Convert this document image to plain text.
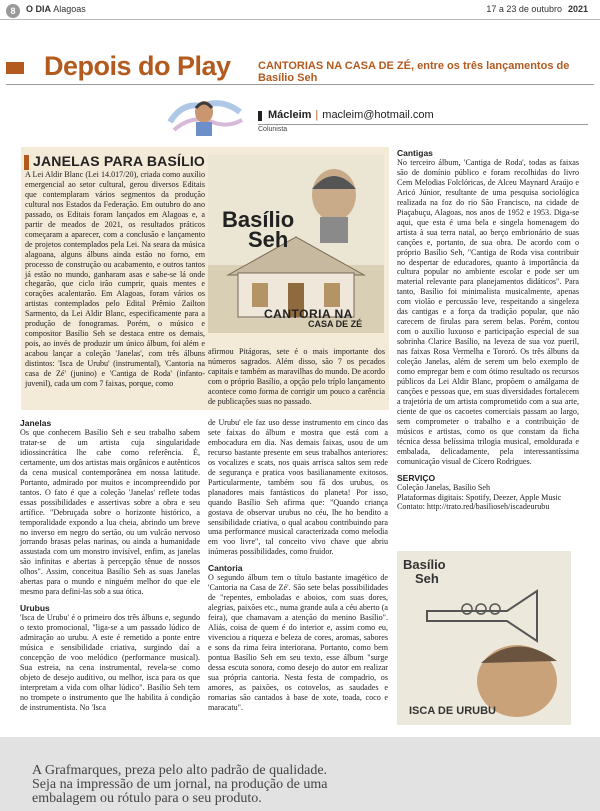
8	O DIA Alagoas	17 a 23 de outubro 2021
Depois do Play CANTORIAS NA CASA DE ZÉ, entre os três lançamentos de Basílio Seh
Mácleim | macleim@hotmail.com
Colunista
JANELAS PARA BASÍLIO

A Lei Aldir Blanc (Lei 14.017/20), criada como auxílio emergencial ao setor cultural, gerou diversos Editais que contemplaram vários segmentos da produção cultural nos Estados da Federação. Em outubro do ano passado, os Editais foram lançados em Alagoas e, a partir de meados de 2021, os resultados práticos começaram a aparecer, com a conclusão e lançamento de projetos contemplados pela Lei. Na seara da música alagoana, alguns álbuns ainda estão no forno, em processo de construção ou acabamento, e outros tantos já estão no mundo, ganharam asas e sabe-se lá onde chegarão, que ciclo irão cumprir, quais mentes e corações acalentarão. Em Alagoas, foram vários os artistas contemplados pelo Edital Prêmio Zailton Sarmento, da Lei Aldir Blanc, especificamente para a produção de fonogramas. Porém, o músico e compositor Basílio Seh se destaca entre os demais, pois, ao invés de produzir um único álbum, foi além e acabou lançar a coleção 'Janelas', com três álbuns distintos: 'Isca de Urubu' (instrumental), 'Cantoria na casa de Zé' (junino) e 'Cantiga de Roda' (infanto-juvenil), cada um com 7 faixas, porque, como

afirmou Pitágoras, sete é o mais importante dos números sagrados. Além disso, são 7 os pecados capitais e também as maravilhas do mundo. De acordo com o próprio Basílio, a opção pelo tríplo lançamento acontece como forma de corrigir um pouco a carência de publicações suas no passado.

Basílio
Seh
CANTORIA NA
CASA DE ZÉ

Janelas

Os que conhecem Basílio Seh e seu trabalho sabem tratar-se de um artista cuja singularidade idiossincrática lhe cabe como referência. É, certamente, um dos artistas mais orgânicos e autênticos da cena musical contemporânea em nossa latitude. Portanto, admirado por muitos e incompreendido por tantos. O fato é que a coleção 'Janelas' reflete todas essas possibilidades e assertivas sobre a obra e seu artífice. "Debruçada sobre o horizonte histórico, a temporalidade expondo a lua cheia, abrindo um breve no inverso em negro do sertão, ou um vulcão nervoso jorrando brasas pelas narinas, ou ainda a humanidade assustada com um monstro invisível, enfim, as janelas são infinitas e abertas à percepção tênue de nossos olhos". Assim, conceitua Basílio Seh as suas Janelas abertas para o mundo e ninguém melhor do que ele mesmo para defini-las sob a sua ótica.

Urubus

'Isca de Urubu' é o primeiro dos três álbuns e, segundo o texto promocional, "liga-se a um passado lúdico de admiração ao urubu. A este é remetido a ponte entre música e sensibilidade criativa, surgindo daí a concepção de voo melódico (performance musical). Sua estreia, na cena instrumental, revela-se como objeto de desejo auditivo, ou melhor, isca para os que interpretam a vida com olhar lúdico". Basílio Seh tem no trompete o instrumento que lhe habilita à condição de instrumentista. No 'Isca

de Urubu' ele faz uso desse instrumento em cinco das sete faixas do álbum e mostra que está com a embocadura em dia. Nas demais faixas, usou de um recurso bastante presente em seus trabalhos anteriores: os vocalizes e scats, nos quais arrisca saltos sem rede de segurança e pratica voos basilianamente exitosos. Particularmente, também sou fã dos urubus, os planadores mais fantásticos do planeta! Por isso, quando Basílio Seh afirma que: "Quando criança gostava de observar urubus no céu, lhe ho bendito a sensibilidade criativa, o qual acabou contribuindo para uma performance musical caracterizada como melodia em voo livre", tal conceito vivo chave que abriu inúmeras possibilidades, como fruidor.

Cantoria

O segundo álbum tem o título bastante imagético de 'Cantoria na Casa de Zé'. São sete belas possibilidades de "repentes, emboladas e aboios, com suas dores, alegrias, paixões etc., numa grande aula a céu aberto (a feira), que chamavam a atenção do menino Basílio". Aliás, coisa de quem é do interior e, assim como eu, vivenciou a riqueza e beleza de cores, aromas, sabores e sons da rima feira interiorana. Portanto, como bem pontua Basílio Seh em seu texto, esse álbum "surge dessa escuta sonora, como desejo do autor em realizar sua própria cantoria. Nesta festa de compadrio, os amores, as paixões, os cotovelos, as saudades e romarias são cantados à base de xote, toada, coco e maracatu".

Cantigas

No terceiro álbum, 'Cantiga de Roda', todas as faixas são de domínio público e foram recolhidas do livro Cem Melodias Folclóricas, de Alceu Maynard Araújo e Aricó Júnior, resultante de uma pesquisa sociológica realizada na foz do rio São Francisco, na cidade de Piaçabuçu, Alagoas, nos anos de 1952 e 1953. Diga-se aqui, que esta é uma bela e singela homenagem do artista à sua terra natal, ao berço embrionário de suas canções e, portanto, de sua obra. De acordo com o próprio Basílio Seh, "Cantiga de Roda visa contribuir no despertar de educadores, quanto à importância da cultura popular no ambiente escolar e pode ser um material relevante para planejamentos didáticos". Para tanto, Basílio foi minimalista musicalmente, apenas com violão e percussão leve, respeitando a singeleza das cantigas e a força da tradição popular, que não carecem de firulas para serem belas. Porém, contou com o auxílio luxuoso e participação especial de sua sobrinha Clarice Basílio, na leveza de sua voz pueril, nas faixas Rosa Vermelha e Tororó. Os três álbuns da coleção Janelas, além de serem um belo exemplo de como empregar bem e com ótimo resultado os recursos públicos da Lei Aldir Blanc, propõem o amálgama de canções e pessoas que, em suas diversidades fortalecem a trajetória de um artista comprometido com a sua arte, ciente de que os cacoetes comerciais passam ao largo, sem comprometer o trabalho e a contribuição de músicos e artistas, como os que constam da ficha técnica dessa belíssima trilogia musical, emoldurada e embalada, delicadamente, pela interessantíssima comunicação visual de Cícero Rodrigues.

SERVIÇO

Coleção Janelas, Basílio Seh

Plataformas digitais: Spotify, Deezer, Apple Music

Contato: http://trato.red/basilioseh/iscadeurubu

Basílio
Seh
ISCA DE URUBU
A Grafmarques, preza pelo alto padrão de qualidade.
Seja na impressão de um jornal, na produção de uma
embalagem ou rótulo para o seu produto.
